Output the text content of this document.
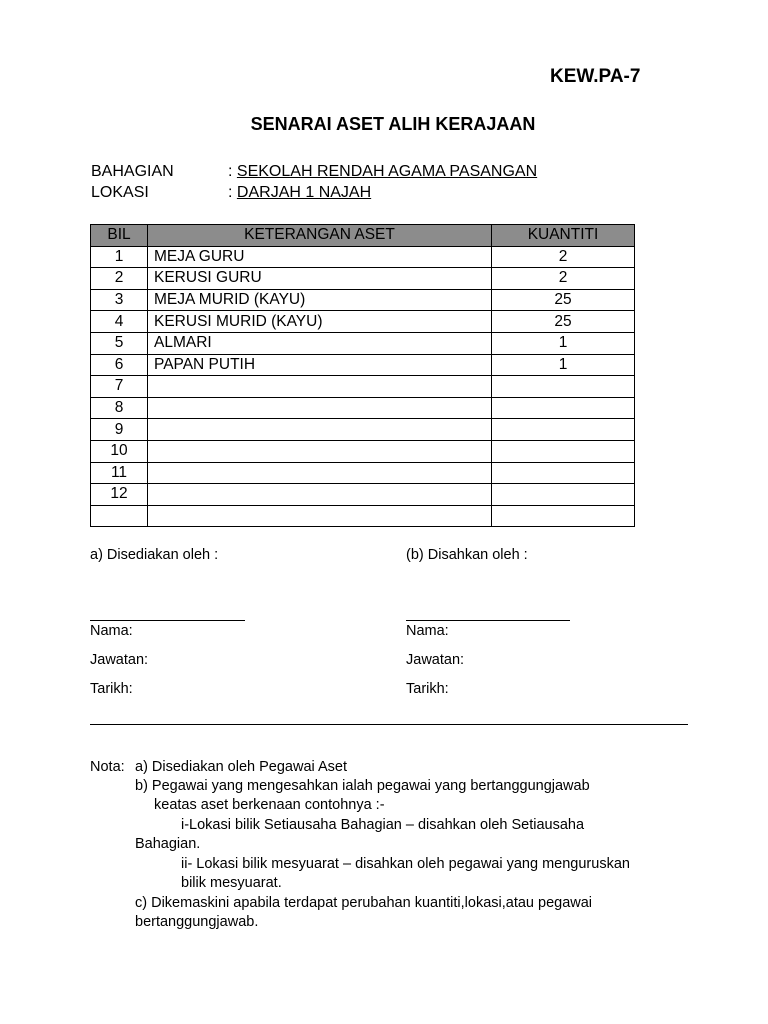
KEW.PA-7
SENARAI ASET ALIH KERAJAAN
BAHAGIAN	: SEKOLAH RENDAH AGAMA PASANGAN
LOKASI	: DARJAH 1 NAJAH
BIL	KETERANGAN ASET	KUANTITI
1	MEJA GURU	2
2	KERUSI GURU	2
3	MEJA MURID (KAYU)	25
4	KERUSI MURID (KAYU)	25
5	ALMARI	1
6	PAPAN PUTIH	1
7		
8		
9		
10		
11		
12		

a) Disediakan oleh :	(b) Disahkan oleh :
Nama:	Nama:
Jawatan:	Jawatan:
Tarikh:	Tarikh:
Nota: a) Disediakan oleh Pegawai Aset
b) Pegawai yang mengesahkan ialah pegawai yang bertanggungjawab
keatas aset berkenaan contohnya :-
i-Lokasi bilik Setiausaha Bahagian – disahkan oleh Setiausaha
Bahagian.
ii- Lokasi bilik mesyuarat – disahkan oleh pegawai yang menguruskan
bilik mesyuarat.
c) Dikemaskini apabila terdapat perubahan kuantiti,lokasi,atau pegawai
bertanggungjawab.
